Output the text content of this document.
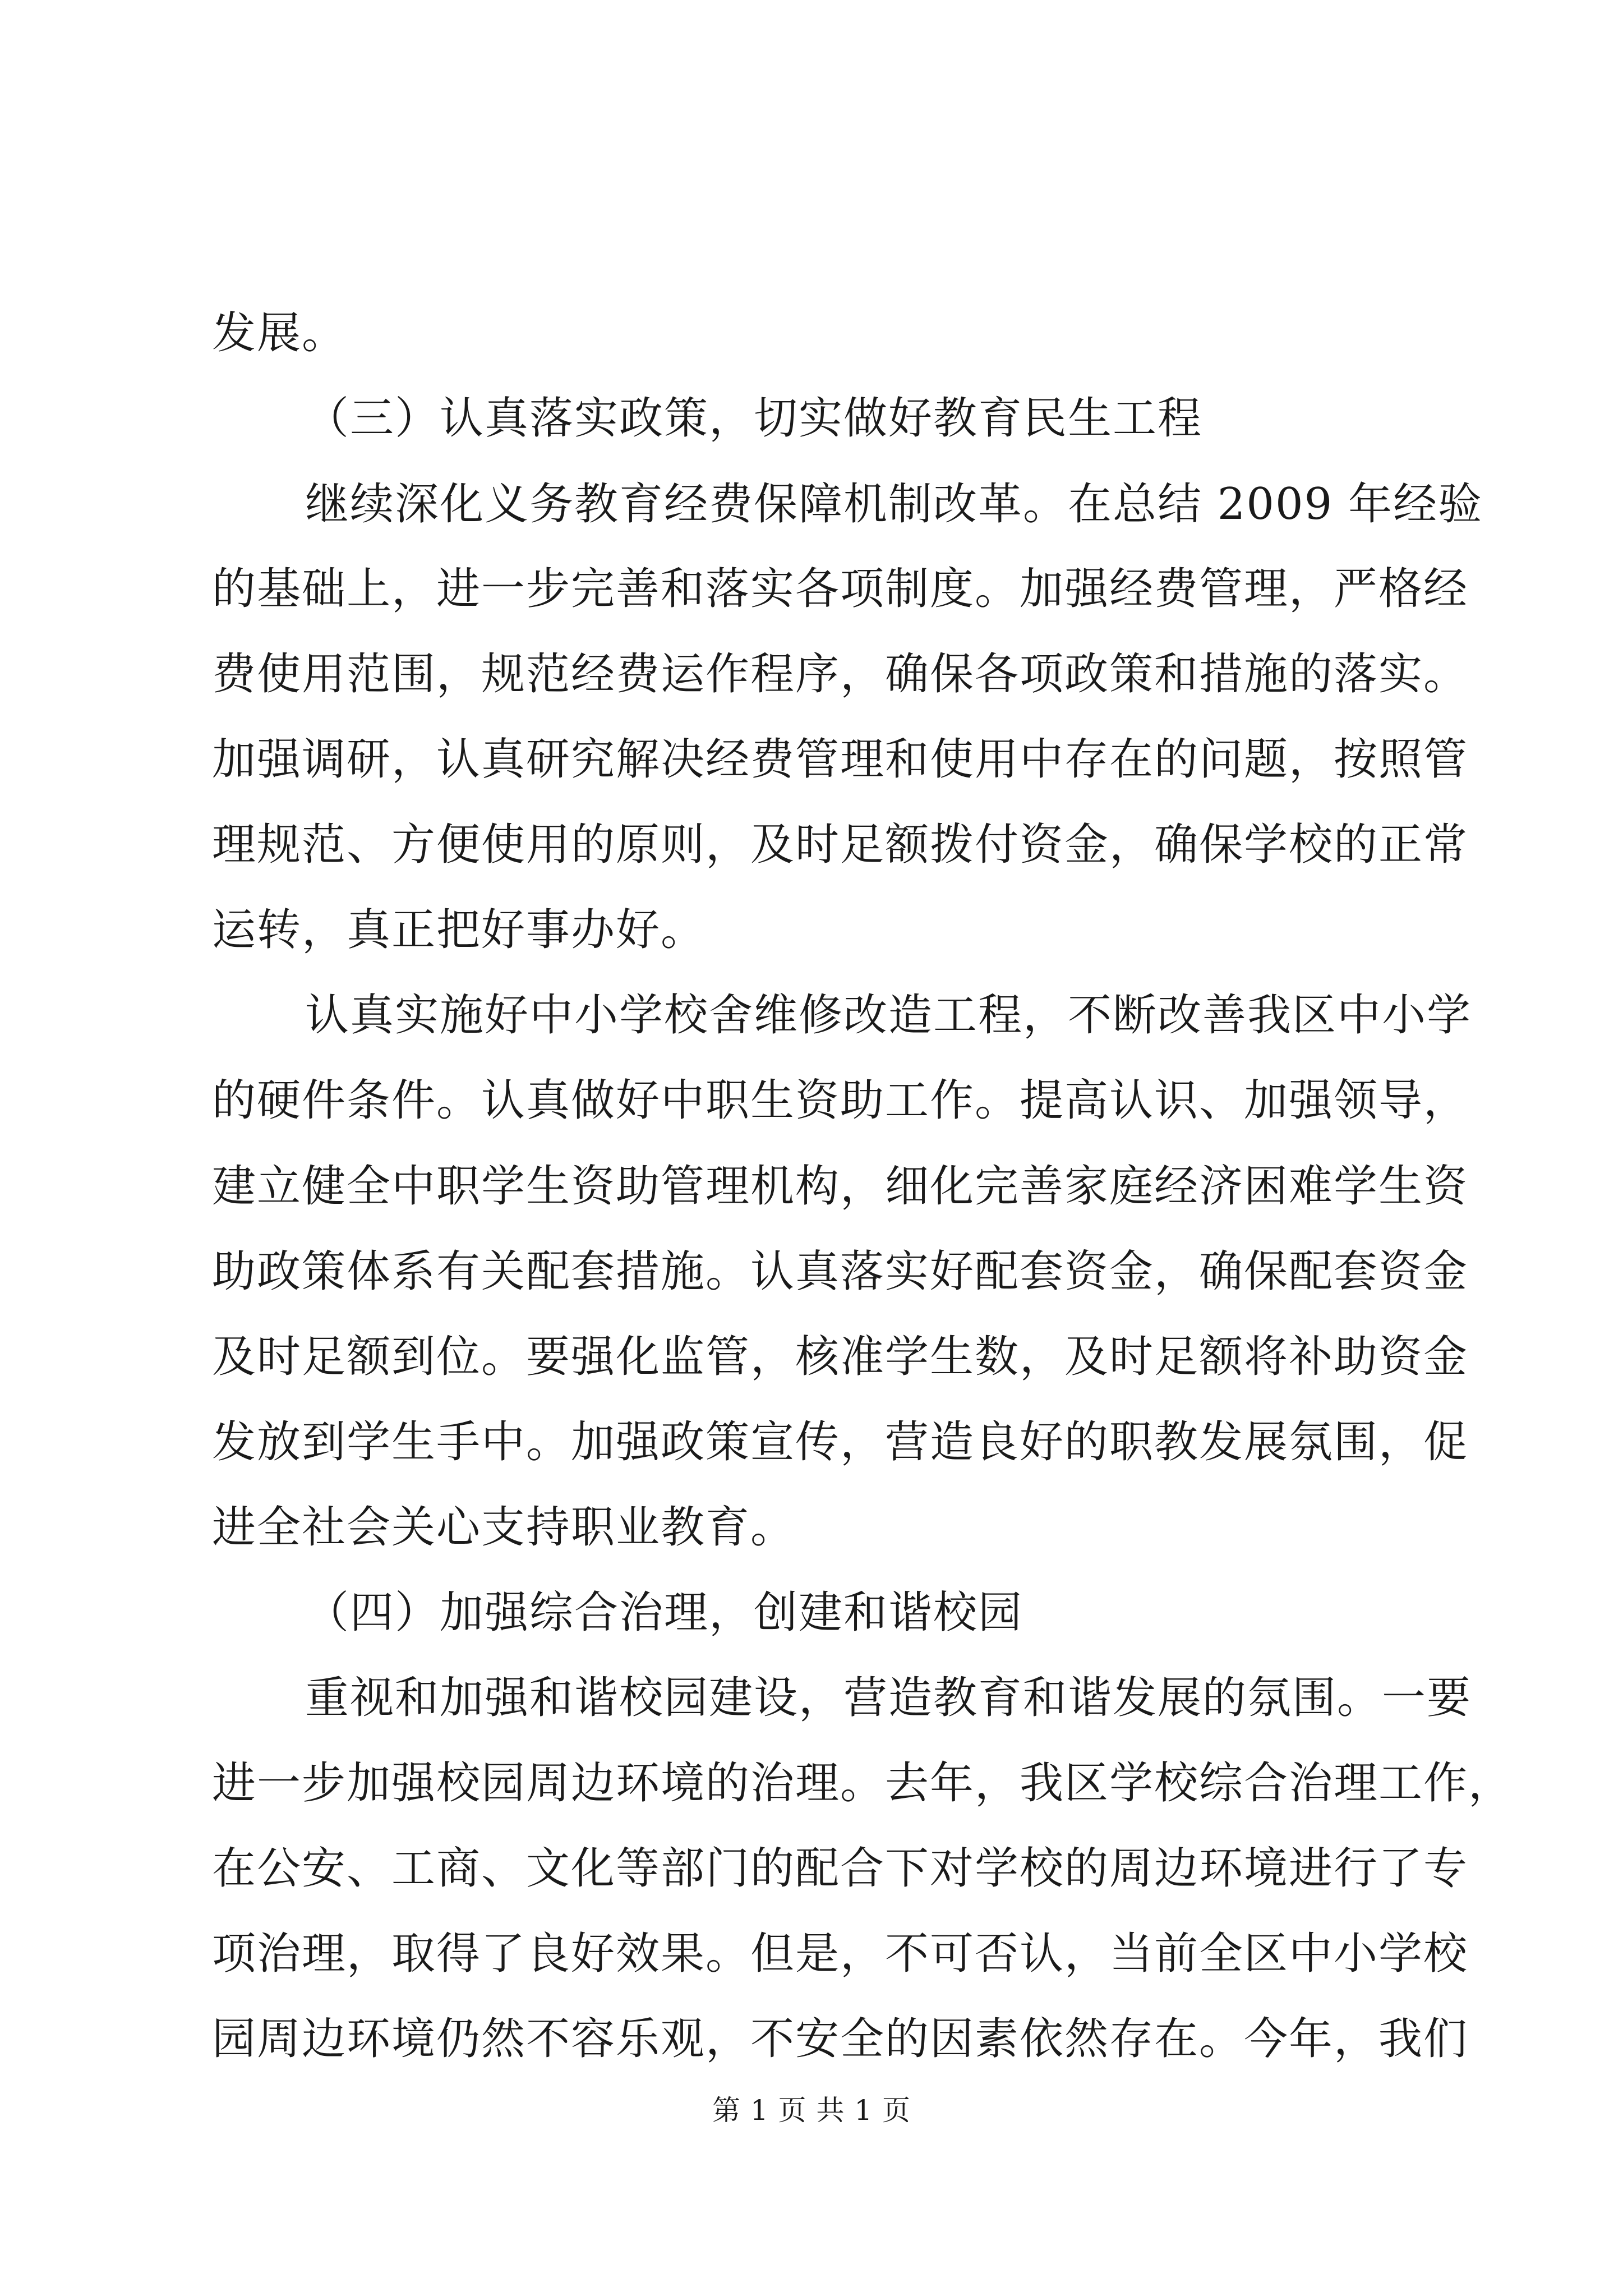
发展。

（三）认真落实政策，切实做好教育民生工程

继续深化义务教育经费保障机制改革。在总结 2009 年经验

的基础上，进一步完善和落实各项制度。加强经费管理，严格经

费使用范围，规范经费运作程序，确保各项政策和措施的落实。

加强调研，认真研究解决经费管理和使用中存在的问题，按照管

理规范、方便使用的原则，及时足额拨付资金，确保学校的正常

运转，真正把好事办好。

认真实施好中小学校舍维修改造工程，不断改善我区中小学

的硬件条件。认真做好中职生资助工作。提高认识、加强领导，

建立健全中职学生资助管理机构，细化完善家庭经济困难学生资

助政策体系有关配套措施。认真落实好配套资金，确保配套资金

及时足额到位。要强化监管，核准学生数，及时足额将补助资金

发放到学生手中。加强政策宣传，营造良好的职教发展氛围，促

进全社会关心支持职业教育。

（四）加强综合治理，创建和谐校园

重视和加强和谐校园建设，营造教育和谐发展的氛围。一要

进一步加强校园周边环境的治理。去年，我区学校综合治理工作，

在公安、工商、文化等部门的配合下对学校的周边环境进行了专

项治理，取得了良好效果。但是，不可否认，当前全区中小学校

园周边环境仍然不容乐观，不安全的因素依然存在。今年，我们

第 1 页 共 1 页
